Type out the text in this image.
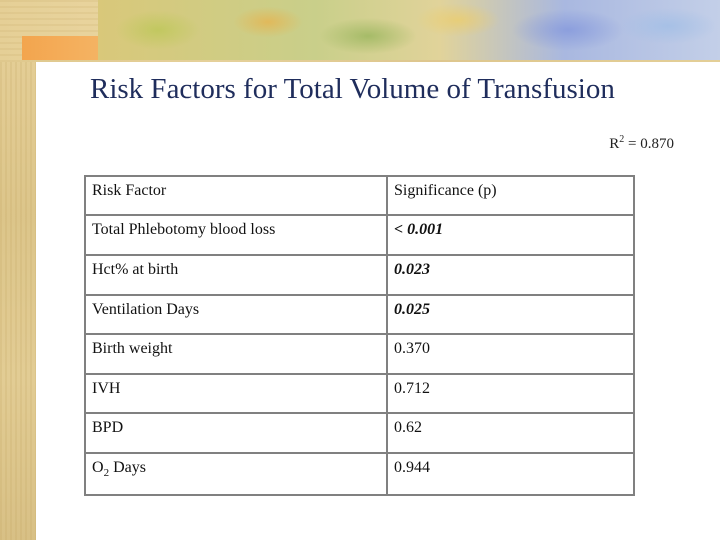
Risk Factors for Total Volume of Transfusion
$R^2 = 0.870$
Risk Factor	Significance (p)
Total Phlebotomy blood loss	< 0.001
Hct% at birth	0.023
Ventilation Days	0.025
Birth weight	0.370
IVH	0.712
BPD	0.62
$O_2$ Days	0.944
